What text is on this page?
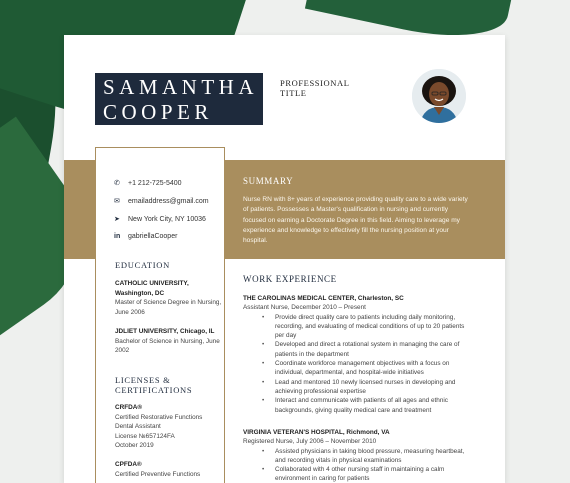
SAMANTHA
COOPER
PROFESSIONAL
TITLE
SUMMARY
Nurse RN with 8+ years of experience providing quality care to a wide variety of patients. Possesses a Master's qualification in nursing and currently focused on earning a Doctorate Degree in this field. Aiming to leverage my experience and knowledge to effectively fill the nursing position at your hospital.
✆ +1 212-725-5400
✉ emailaddress@gmail.com
➤ New York City, NY 10036
in gabriellaCooper
EDUCATION
CATHOLIC UNIVERSITY, Washington, DC
Master of Science Degree in Nursing, June 2006
JDLIET UNIVERSITY, Chicago, IL
Bachelor of Science in Nursing, June 2002
LICENSES &
CERTIFICATIONS
CRFDA®
Certified Restorative Functions
Dental Assistant
License №657124FA
October 2019
CPFDA®
Certified Preventive Functions
WORK EXPERIENCE
THE CAROLINAS MEDICAL CENTER, Charleston, SC
Assistant Nurse, December 2010 – Present
• Provide direct quality care to patients including daily monitoring, recording, and evaluating of medical conditions of up to 20 patients per day
• Developed and direct a rotational system in managing the care of patients in the department
• Coordinate workforce management objectives with a focus on individual, departmental, and hospital-wide initiatives
• Lead and mentored 10 newly licensed nurses in developing and achieving professional expertise
• Interact and communicate with patients of all ages and ethnic backgrounds, giving quality medical care and treatment
VIRGINIA VETERAN'S HOSPITAL, Richmond, VA
Registered Nurse, July 2006 – November 2010
• Assisted physicians in taking blood pressure, measuring heartbeat, and recording vitals in physical examinations
• Collaborated with 4 other nursing staff in maintaining a calm environment in caring for patients
